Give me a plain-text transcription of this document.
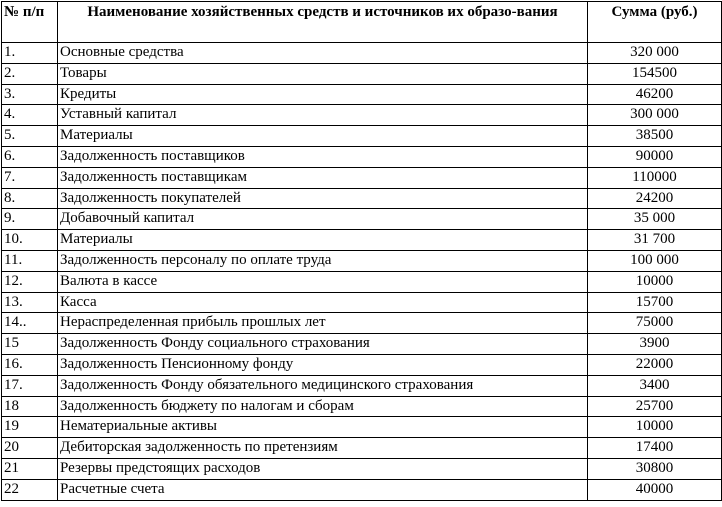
№ п/п	Наименование хозяйственных средств и источников их образо-вания	Сумма (руб.)
1.	Основные средства	320 000
2.	Товары	154500
3.	Кредиты	46200
4.	Уставный капитал	300 000
5.	Материалы	38500
6.	Задолженность поставщиков	90000
7.	Задолженность поставщикам	110000
8.	Задолженность покупателей	24200
9.	Добавочный капитал	35 000
10.	Материалы	31 700
11.	Задолженность персоналу по оплате труда	100 000
12.	Валюта в кассе	10000
13.	Касса	15700
14..	Нераспределенная прибыль прошлых лет	75000
15	Задолженность Фонду социального страхования	3900
16.	Задолженность Пенсионному фонду	22000
17.	Задолженность Фонду обязательного медицинского страхования	3400
18	Задолженность бюджету по налогам и сборам	25700
19	Нематериальные активы	10000
20	Дебиторская задолженность по претензиям	17400
21	Резервы предстоящих расходов	30800
22	Расчетные счета	40000
